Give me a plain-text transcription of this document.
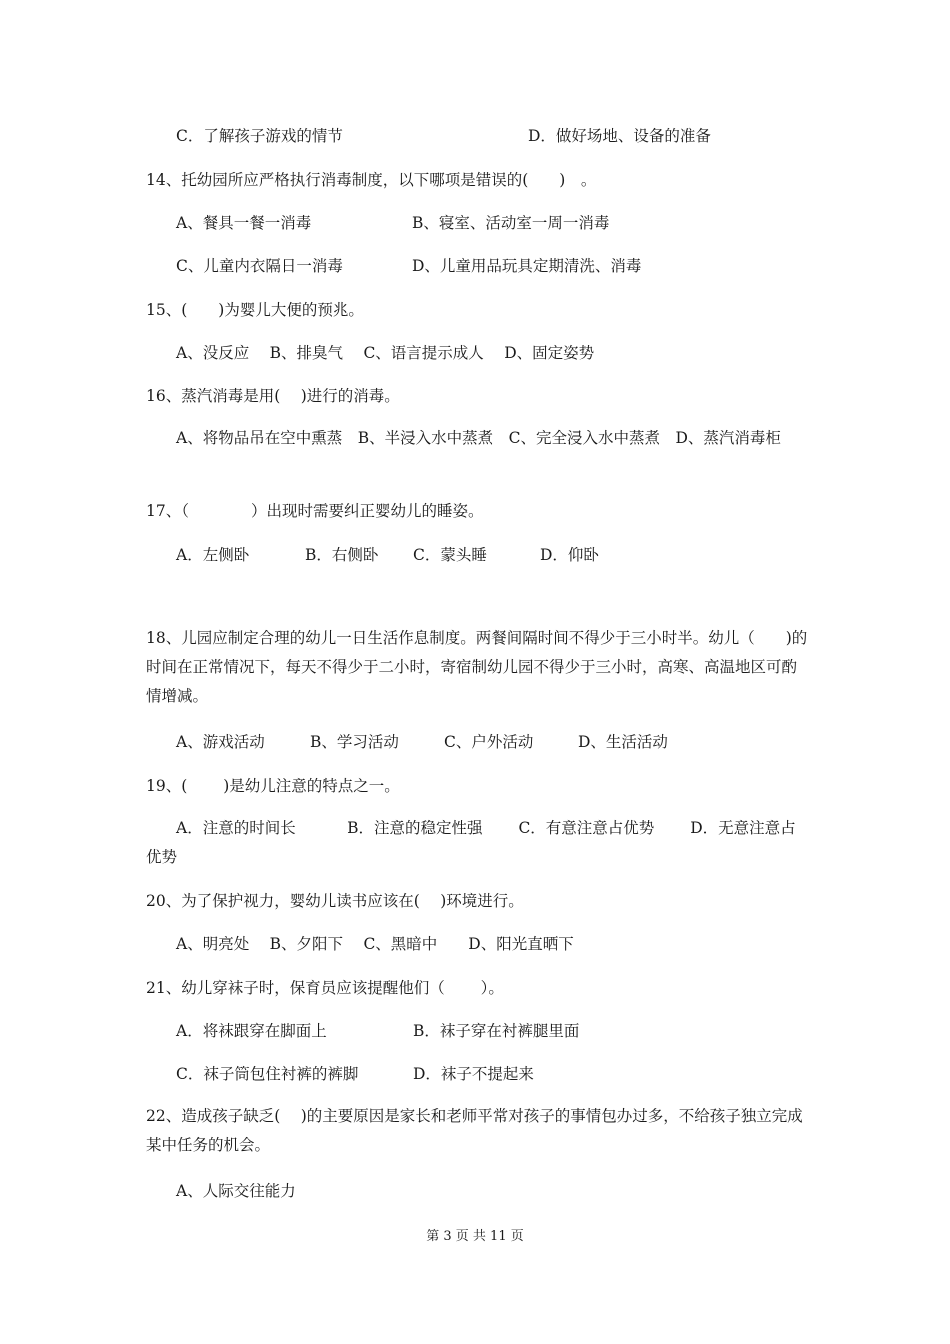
C．了解孩子游戏的情节	D．做好场地、设备的准备
14、托幼园所应严格执行消毒制度，以下哪项是错误的(　　)　。
A、餐具一餐一消毒	B、寝室、活动室一周一消毒
C、儿童内衣隔日一消毒	D、儿童用品玩具定期清洗、消毒
15、(　　)为婴儿大便的预兆。
A、没反应　 B、排臭气　 C、语言提示成人　 D、固定姿势
16、蒸汽消毒是用(　 )进行的消毒。
A、将物品吊在空中熏蒸　B、半浸入水中蒸煮　C、完全浸入水中蒸煮　D、蒸汽消毒柜
17、（　　　　）出现时需要纠正婴幼儿的睡姿。
A．左侧卧	B．右侧卧 C．蒙头睡	D．仰卧
18、儿园应制定合理的幼儿一日生活作息制度。两餐间隔时间不得少于三小时半。幼儿（　　)的时间在正常情况下，每天不得少于二小时，寄宿制幼儿园不得少于三小时，高寒、高温地区可酌情增减。
A、游戏活动	B、学习活动	C、户外活动	D、生活活动
19、(　　 )是幼儿注意的特点之一。
A．注意的时间长　　　 B．注意的稳定性强　　 C．有意注意占优势　　 D．无意注意占优势
20、为了保护视力，婴幼儿读书应该在(　 )环境进行。
A、明亮处　 B、夕阳下　 C、黑暗中　　D、阳光直晒下
21、幼儿穿袜子时，保育员应该提醒他们（　　 ）。
A．将袜跟穿在脚面上	B．袜子穿在衬裤腿里面
C．袜子筒包住衬裤的裤脚	D．袜子不提起来
22、造成孩子缺乏(　 )的主要原因是家长和老师平常对孩子的事情包办过多，不给孩子独立完成某中任务的机会。
A、人际交往能力
第 3 页 共 11 页
